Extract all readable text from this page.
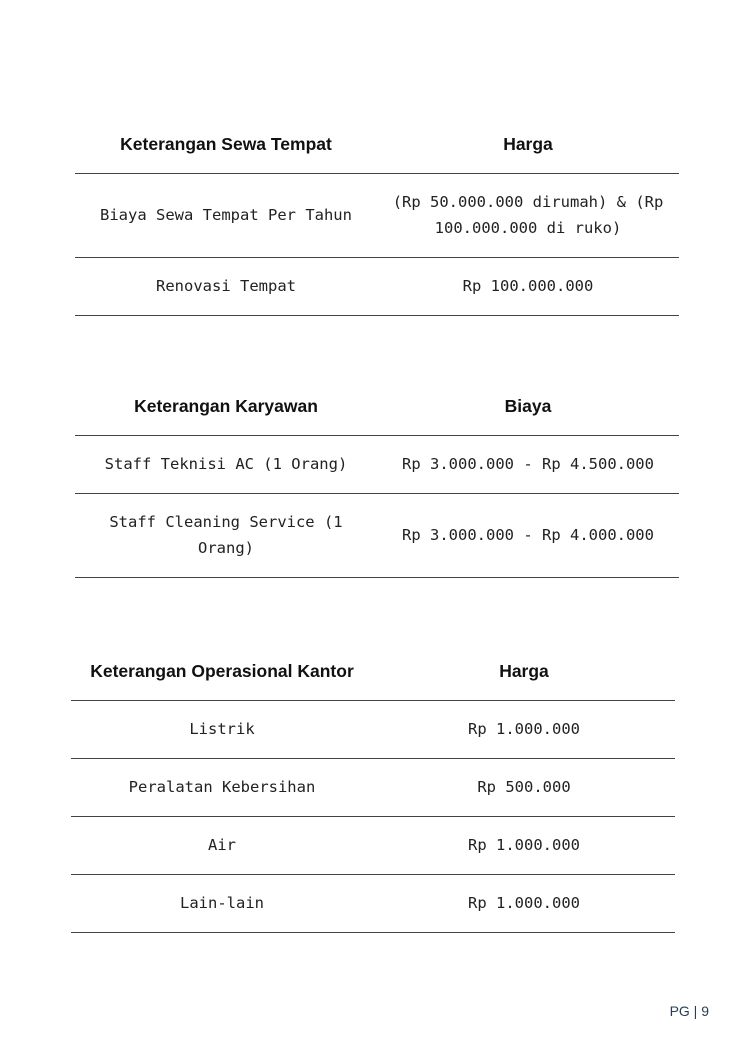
Keterangan Sewa Tempat	Harga
Biaya Sewa Tempat Per Tahun	(Rp 50.000.000 dirumah) & (Rp 100.000.000 di ruko)
Renovasi Tempat	Rp 100.000.000
Keterangan Karyawan	Biaya
Staff Teknisi AC (1 Orang)	Rp 3.000.000 - Rp 4.500.000
Staff Cleaning Service (1 Orang)	Rp 3.000.000 - Rp 4.000.000
Keterangan Operasional Kantor	Harga
Listrik	Rp 1.000.000
Peralatan Kebersihan	Rp 500.000
Air	Rp 1.000.000
Lain-lain	Rp 1.000.000
PG | 9
